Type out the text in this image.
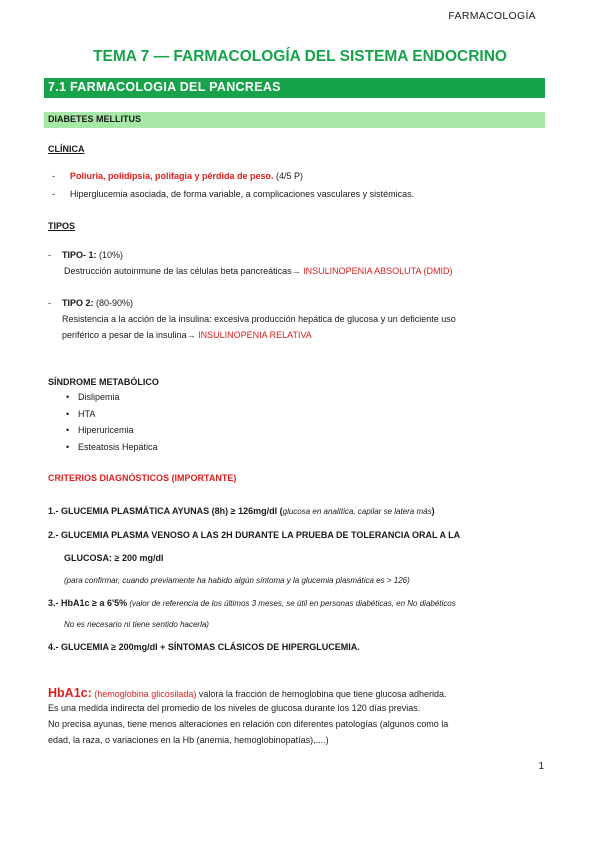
FARMACOLOGÍA
TEMA 7 — FARMACOLOGÍA DEL SISTEMA ENDOCRINO
7.1 FARMACOLOGIA DEL PANCREAS
DIABETES MELLITUS
CLÍNICA
- Poliuria, polidipsia, polifagia y pérdida de peso. (4/5 P)
- Hiperglucemia asociada, de forma variable, a complicaciones vasculares y sistémicas.
TIPOS
- TIPO- 1: (10%)
Destrucción autoinmune de las células beta pancreáticas→ INSULINOPENIA ABSOLUTA (DMID)
- TIPO 2: (80-90%)
Resistencia a la acción de la insulina: excesiva producción hepática de glucosa y un deficiente uso
periférico a pesar de la insulina→ INSULINOPENIA RELATIVA
SÍNDROME METABÓLICO
• Dislipemia
• HTA
• Hiperuricemia
• Esteatosis Hepática
CRITERIOS DIAGNÓSTICOS (IMPORTANTE)
1.- GLUCEMIA PLASMÁTICA AYUNAS (8h) ≥ 126mg/dl (glucosa en analítica, capilar se latera más)
2.- GLUCEMIA PLASMA VENOSO A LAS 2H DURANTE LA PRUEBA DE TOLERANCIA ORAL A LA
GLUCOSA: ≥ 200 mg/dl
(para confirmar, cuando previamente ha habido algún síntoma y la glucemia plasmática es > 126)
3.- HbA1c ≥ a 6'5% (valor de referencia de los últimos 3 meses, se útil en personas diabéticas, en No diabéticos
No es necesario ni tiene sentido hacerla)
4.- GLUCEMIA ≥ 200mg/dl + SÍNTOMAS CLÁSICOS DE HIPERGLUCEMIA.
HbA1c: (hemoglobina glicosilada) valora la fracción de hemoglobina que tiene glucosa adherida.
Es una medida indirecta del promedio de los niveles de glucosa durante los 120 días previas.
No precisa ayunas, tiene menos alteraciones en relación con diferentes patologías (algunos como la
edad, la raza, o variaciones en la Hb (anemia, hemoglobinopatías),....)
1
